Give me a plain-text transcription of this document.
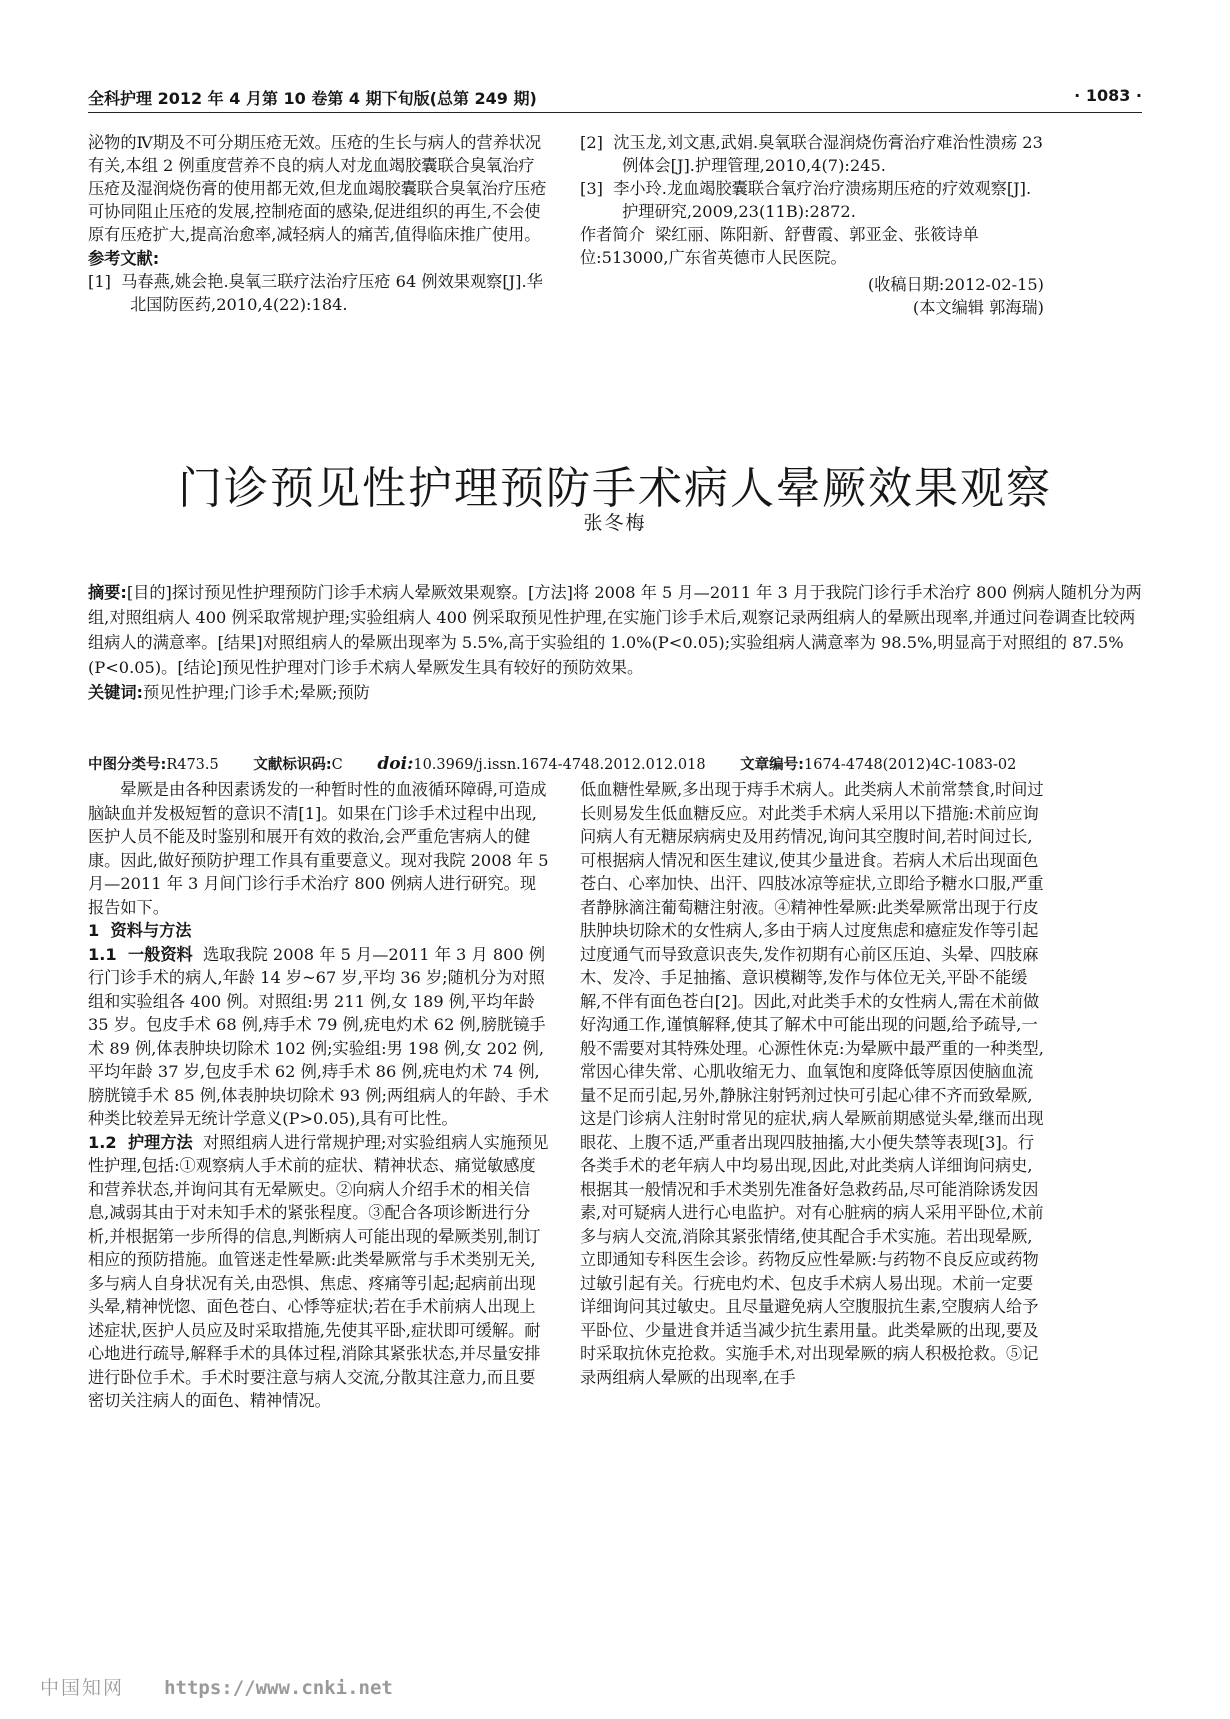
全科护理 2012 年 4 月第 10 卷第 4 期下旬版(总第 249 期)	· 1083 ·

泌物的Ⅳ期及不可分期压疮无效。压疮的生长与病人的营养状况有关,本组 2 例重度营养不良的病人对龙血竭胶囊联合臭氧治疗压疮及湿润烧伤膏的使用都无效,但龙血竭胶囊联合臭氧治疗压疮可协同阻止压疮的发展,控制疮面的感染,促进组织的再生,不会使原有压疮扩大,提高治愈率,减轻病人的痛苦,值得临床推广使用。

参考文献:

[1]  马春燕,姚会艳.臭氧三联疗法治疗压疮 64 例效果观察[J].华北国防医药,2010,4(22):184.

[2]  沈玉龙,刘文惠,武娟.臭氧联合湿润烧伤膏治疗难治性溃疡 23 例体会[J].护理管理,2010,4(7):245.

[3]  李小玲.龙血竭胶囊联合氧疗治疗溃疡期压疮的疗效观察[J].护理研究,2009,23(11B):2872.

作者简介  梁红丽、陈阳新、舒曹霞、郭亚金、张筱诗单位:513000,广东省英德市人民医院。

(收稿日期:2012-02-15)

(本文编辑 郭海瑞)

门诊预见性护理预防手术病人晕厥效果观察
张冬梅

摘要:[目的]探讨预见性护理预防门诊手术病人晕厥效果观察。[方法]将 2008 年 5 月—2011 年 3 月于我院门诊行手术治疗 800 例病人随机分为两组,对照组病人 400 例采取常规护理;实验组病人 400 例采取预见性护理,在实施门诊手术后,观察记录两组病人的晕厥出现率,并通过问卷调查比较两组病人的满意率。[结果]对照组病人的晕厥出现率为 5.5%,高于实验组的 1.0%(P<0.05);实验组病人满意率为 98.5%,明显高于对照组的 87.5%(P<0.05)。[结论]预见性护理对门诊手术病人晕厥发生具有较好的预防效果。

关键词:预见性护理;门诊手术;晕厥;预防

中图分类号:R473.5 文献标识码:C doi:10.3969/j.issn.1674-4748.2012.012.018 文章编号:1674-4748(2012)4C-1083-02

晕厥是由各种因素诱发的一种暂时性的血液循环障碍,可造成脑缺血并发极短暂的意识不清[1]。如果在门诊手术过程中出现,医护人员不能及时鉴别和展开有效的救治,会严重危害病人的健康。因此,做好预防护理工作具有重要意义。现对我院 2008 年 5 月—2011 年 3 月间门诊行手术治疗 800 例病人进行研究。现报告如下。

1  资料与方法

1.1  一般资料  选取我院 2008 年 5 月—2011 年 3 月 800 例行门诊手术的病人,年龄 14 岁~67 岁,平均 36 岁;随机分为对照组和实验组各 400 例。对照组:男 211 例,女 189 例,平均年龄 35 岁。包皮手术 68 例,痔手术 79 例,疣电灼术 62 例,膀胱镜手术 89 例,体表肿块切除术 102 例;实验组:男 198 例,女 202 例,平均年龄 37 岁,包皮手术 62 例,痔手术 86 例,疣电灼术 74 例,膀胱镜手术 85 例,体表肿块切除术 93 例;两组病人的年龄、手术种类比较差异无统计学意义(P>0.05),具有可比性。

1.2  护理方法  对照组病人进行常规护理;对实验组病人实施预见性护理,包括:①观察病人手术前的症状、精神状态、痛觉敏感度和营养状态,并询问其有无晕厥史。②向病人介绍手术的相关信息,减弱其由于对未知手术的紧张程度。③配合各项诊断进行分析,并根据第一步所得的信息,判断病人可能出现的晕厥类别,制订相应的预防措施。血管迷走性晕厥:此类晕厥常与手术类别无关,多与病人自身状况有关,由恐惧、焦虑、疼痛等引起;起病前出现头晕,精神恍惚、面色苍白、心悸等症状;若在手术前病人出现上述症状,医护人员应及时采取措施,先使其平卧,症状即可缓解。耐心地进行疏导,解释手术的具体过程,消除其紧张状态,并尽量安排进行卧位手术。手术时要注意与病人交流,分散其注意力,而且要密切关注病人的面色、精神情况。

低血糖性晕厥,多出现于痔手术病人。此类病人术前常禁食,时间过长则易发生低血糖反应。对此类手术病人采用以下措施:术前应询问病人有无糖尿病病史及用药情况,询问其空腹时间,若时间过长,可根据病人情况和医生建议,使其少量进食。若病人术后出现面色苍白、心率加快、出汗、四肢冰凉等症状,立即给予糖水口服,严重者静脉滴注葡萄糖注射液。④精神性晕厥:此类晕厥常出现于行皮肤肿块切除术的女性病人,多由于病人过度焦虑和癔症发作等引起过度通气而导致意识丧失,发作初期有心前区压迫、头晕、四肢麻木、发冷、手足抽搐、意识模糊等,发作与体位无关,平卧不能缓解,不伴有面色苍白[2]。因此,对此类手术的女性病人,需在术前做好沟通工作,谨慎解释,使其了解术中可能出现的问题,给予疏导,一般不需要对其特殊处理。心源性休克:为晕厥中最严重的一种类型,常因心律失常、心肌收缩无力、血氧饱和度降低等原因使脑血流量不足而引起,另外,静脉注射钙剂过快可引起心律不齐而致晕厥,这是门诊病人注射时常见的症状,病人晕厥前期感觉头晕,继而出现眼花、上腹不适,严重者出现四肢抽搐,大小便失禁等表现[3]。行各类手术的老年病人中均易出现,因此,对此类病人详细询问病史,根据其一般情况和手术类别先准备好急救药品,尽可能消除诱发因素,对可疑病人进行心电监护。对有心脏病的病人采用平卧位,术前多与病人交流,消除其紧张情绪,使其配合手术实施。若出现晕厥,立即通知专科医生会诊。药物反应性晕厥:与药物不良反应或药物过敏引起有关。行疣电灼术、包皮手术病人易出现。术前一定要详细询问其过敏史。且尽量避免病人空腹服抗生素,空腹病人给予平卧位、少量进食并适当减少抗生素用量。此类晕厥的出现,要及时采取抗休克抢救。实施手术,对出现晕厥的病人积极抢救。⑤记录两组病人晕厥的出现率,在手

中国知网 https://www.cnki.net
